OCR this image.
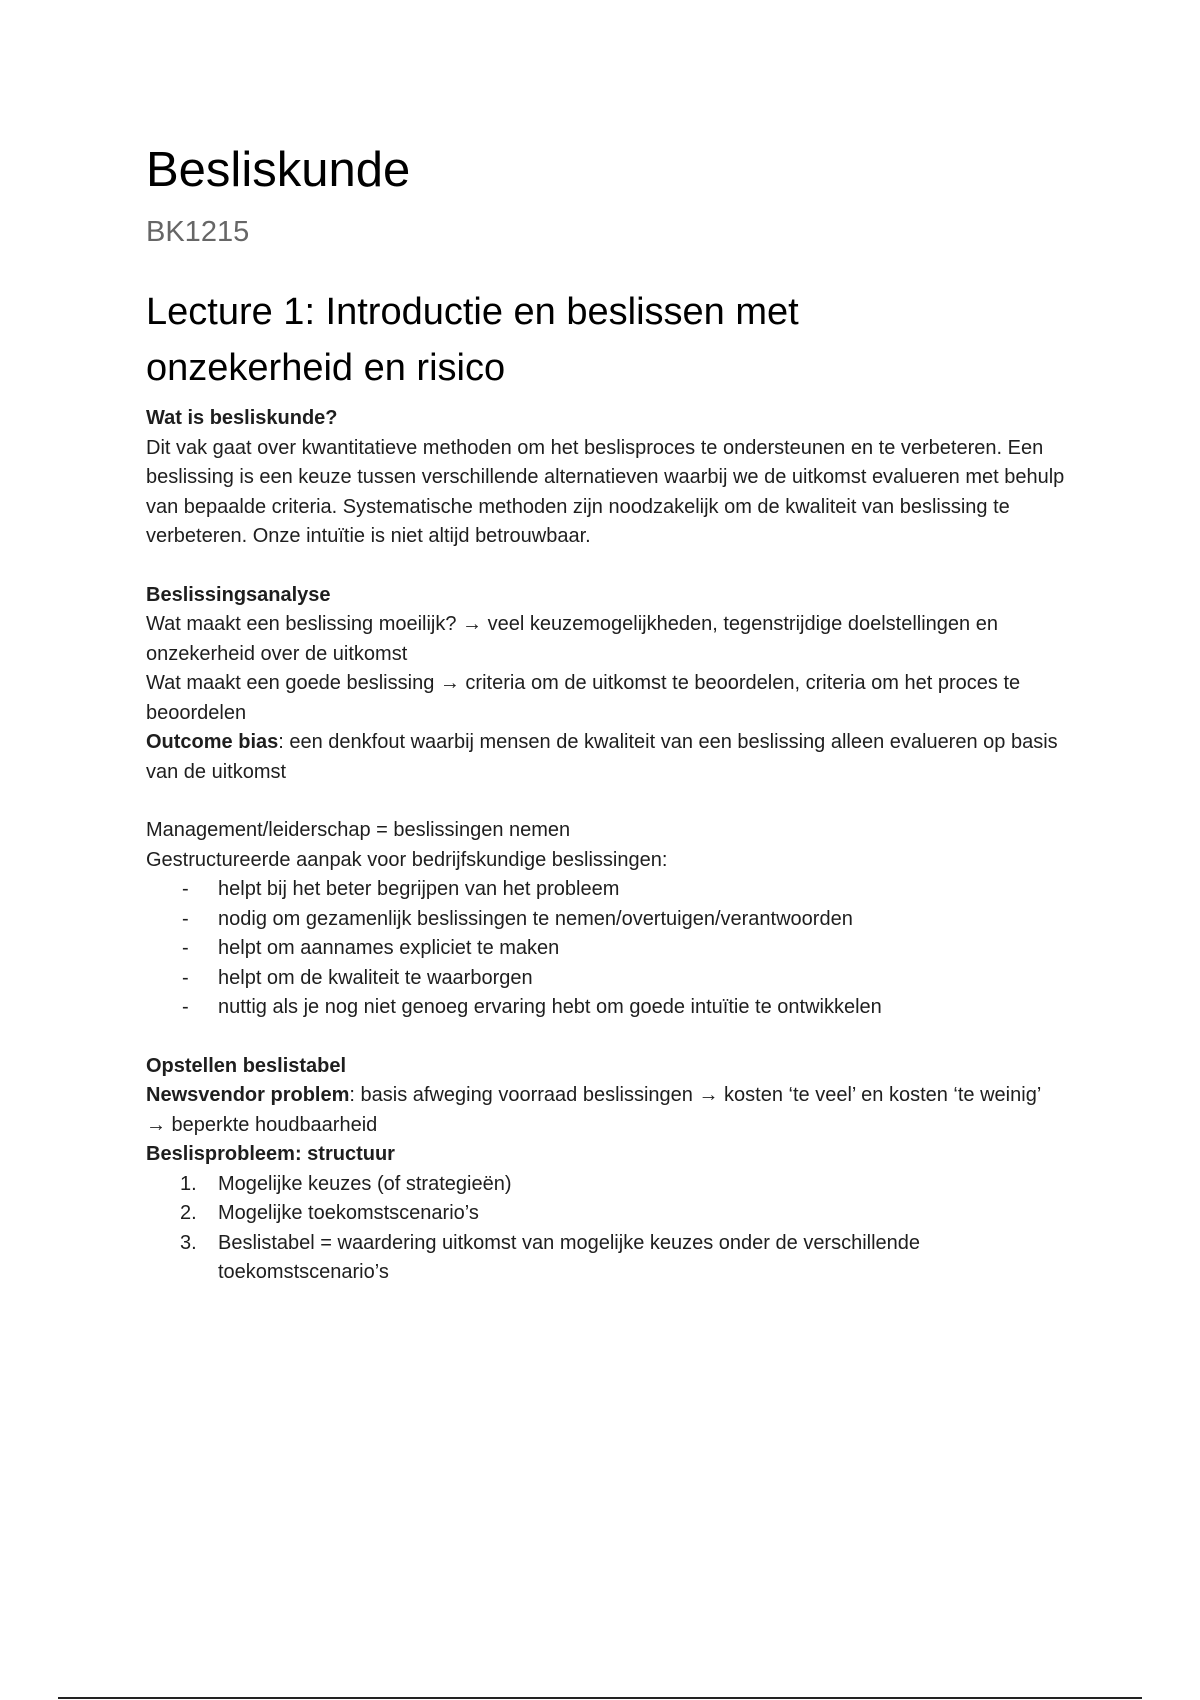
Besliskunde
BK1215
Lecture 1: Introductie en beslissen met
onzekerheid en risico

Wat is besliskunde?

Dit vak gaat over kwantitatieve methoden om het beslisproces te ondersteunen en te verbeteren. Een beslissing is een keuze tussen verschillende alternatieven waarbij we de uitkomst evalueren met behulp van bepaalde criteria. Systematische methoden zijn noodzakelijk om de kwaliteit van beslissing te verbeteren. Onze intuïtie is niet altijd betrouwbaar.

Beslissingsanalyse

Wat maakt een beslissing moeilijk? → veel keuzemogelijkheden, tegenstrijdige doelstellingen en onzekerheid over de uitkomst

Wat maakt een goede beslissing → criteria om de uitkomst te beoordelen, criteria om het proces te beoordelen

Outcome bias: een denkfout waarbij mensen de kwaliteit van een beslissing alleen evalueren op basis van de uitkomst

Management/leiderschap = beslissingen nemen

Gestructureerde aanpak voor bedrijfskundige beslissingen:

- helpt bij het beter begrijpen van het probleem
- nodig om gezamenlijk beslissingen te nemen/overtuigen/verantwoorden
- helpt om aannames expliciet te maken
- helpt om de kwaliteit te waarborgen
- nuttig als je nog niet genoeg ervaring hebt om goede intuïtie te ontwikkelen

Opstellen beslistabel

Newsvendor problem: basis afweging voorraad beslissingen → kosten ‘te veel’ en kosten ‘te weinig’ → beperkte houdbaarheid

Beslisprobleem: structuur

1. Mogelijke keuzes (of strategieën)
2. Mogelijke toekomstscenario’s
3. Beslistabel = waardering uitkomst van mogelijke keuzes onder de verschillende toekomstscenario’s
